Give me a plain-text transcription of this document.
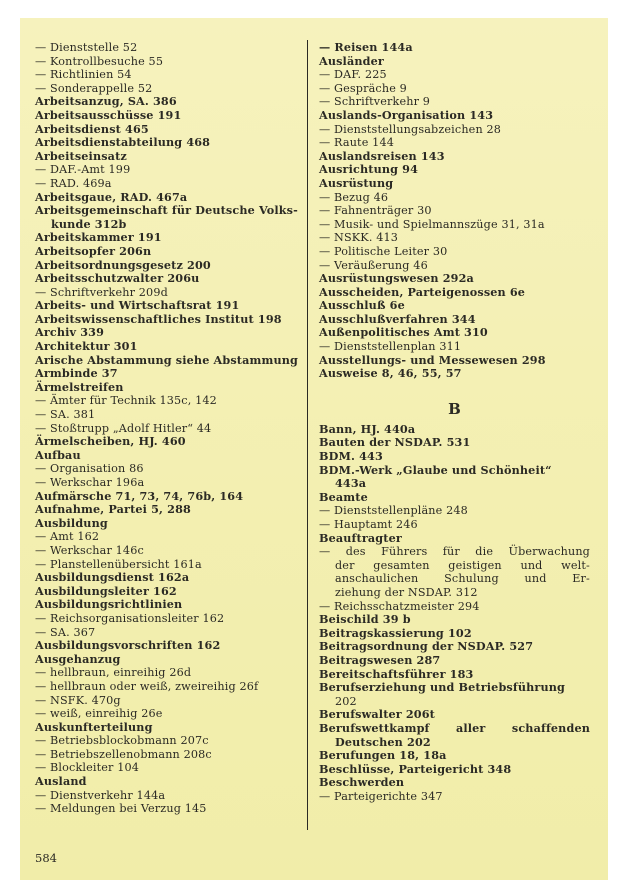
— Dienststelle 52
— Kontrollbesuche 55
— Richtlinien 54
— Sonderappelle 52
Arbeitsanzug, SA. 386
Arbeitsausschüsse 191
Arbeitsdienst 465
Arbeitsdienstabteilung 468
Arbeitseinsatz
— DAF.-Amt 199
— RAD. 469a
Arbeitsgaue, RAD. 467a
Arbeitsgemeinschaft für Deutsche Volks-
kunde 312b
Arbeitskammer 191
Arbeitsopfer 206n
Arbeitsordnungsgesetz 200
Arbeitsschutzwalter 206u
— Schriftverkehr 209d
Arbeits- und Wirtschaftsrat 191
Arbeitswissenschaftliches Institut 198
Archiv 339
Architektur 301
Arische Abstammung siehe Abstammung
Armbinde 37
Ärmelstreifen
— Ämter für Technik 135c, 142
— SA. 381
— Stoßtrupp „Adolf Hitler“ 44
Ärmelscheiben, HJ. 460
Aufbau
— Organisation 86
— Werkschar 196a
Aufmärsche 71, 73, 74, 76b, 164
Aufnahme, Partei 5, 288
Ausbildung
— Amt 162
— Werkschar 146c
— Planstellenübersicht 161a
Ausbildungsdienst 162a
Ausbildungsleiter 162
Ausbildungsrichtlinien
— Reichsorganisationsleiter 162
— SA. 367
Ausbildungsvorschriften 162
Ausgehanzug
— hellbraun, einreihig 26d
— hellbraun oder weiß, zweireihig 26f
— NSFK. 470g
— weiß, einreihig 26e
Auskunfterteilung
— Betriebsblockobmann 207c
— Betriebszellenobmann 208c
— Blockleiter 104
Ausland
— Dienstverkehr 144a
— Meldungen bei Verzug 145
— Reisen 144a
Ausländer
— DAF. 225
— Gespräche 9
— Schriftverkehr 9
Auslands-Organisation 143
— Dienststellungsabzeichen 28
— Raute 144
Auslandsreisen 143
Ausrichtung 94
Ausrüstung
— Bezug 46
— Fahnenträger 30
— Musik- und Spielmannszüge 31, 31a
— NSKK. 413
— Politische Leiter 30
— Veräußerung 46
Ausrüstungswesen 292a
Ausscheiden, Parteigenossen 6e
Ausschluß 6e
Ausschlußverfahren 344
Außenpolitisches Amt 310
— Dienststellenplan 311
Ausstellungs- und Messewesen 298
Ausweise 8, 46, 55, 57
B
Bann, HJ. 440a
Bauten der NSDAP. 531
BDM. 443
BDM.-Werk „Glaube und Schönheit“
443a
Beamte
— Dienststellenpläne 248
— Hauptamt 246
Beauftragter
— des Führers für die Überwachung
der gesamten geistigen und welt-
anschaulichen Schulung und Er-
ziehung der NSDAP. 312
— Reichsschatzmeister 294
Beischild 39 b
Beitragskassierung 102
Beitragsordnung der NSDAP. 527
Beitragswesen 287
Bereitschaftsführer 183
Berufserziehung und Betriebsführung
202
Berufswalter 206t
Berufswettkampf aller schaffenden
Deutschen 202
Berufungen 18, 18a
Beschlüsse, Parteigericht 348
Beschwerden
— Parteigerichte 347
584
